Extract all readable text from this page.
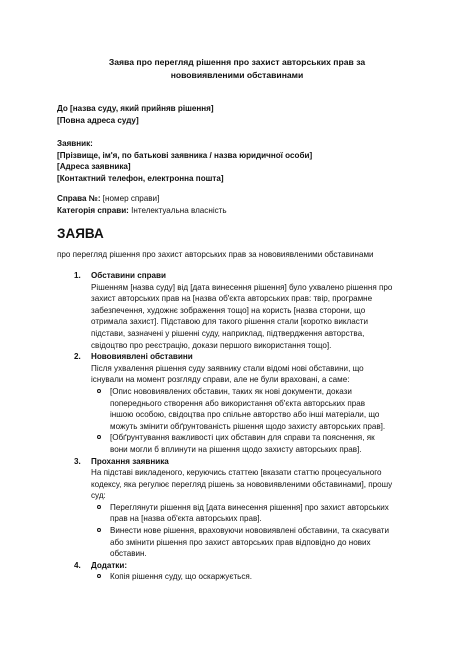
Заява про перегляд рішення про захист авторських прав за
нововиявленими обставинами
До [назва суду, який прийняв рішення]
[Повна адреса суду]
Заявник:
[Прізвище, ім'я, по батькові заявника / назва юридичної особи]
[Адреса заявника]
[Контактний телефон, електронна пошта]
Справа №: [номер справи]
Категорія справи: Інтелектуальна власність
ЗАЯВА
про перегляд рішення про захист авторських прав за нововиявленими обставинами
1. Обставини справи
Рішенням [назва суду] від [дата винесення рішення] було ухвалено рішення про
захист авторських прав на [назва об'єкта авторських прав: твір, програмне
забезпечення, художнє зображення тощо] на користь [назва сторони, що
отримала захист]. Підставою для такого рішення стали [коротко викласти
підстави, зазначені у рішенні суду, наприклад, підтвердження авторства,
свідоцтво про реєстрацію, докази першого використання тощо].
2. Нововиявлені обставини
Після ухвалення рішення суду заявнику стали відомі нові обставини, що
існували на момент розгляду справи, але не були враховані, а саме:
[Опис нововиявлених обставин, таких як нові документи, докази
попереднього створення або використання об'єкта авторських прав
іншою особою, свідоцтва про спільне авторство або інші матеріали, що
можуть змінити обґрунтованість рішення щодо захисту авторських прав].
[Обґрунтування важливості цих обставин для справи та пояснення, як
вони могли б вплинути на рішення щодо захисту авторських прав].
3. Прохання заявника
На підставі викладеного, керуючись статтею [вказати статтю процесуального
кодексу, яка регулює перегляд рішень за нововиявленими обставинами], прошу
суд:
Переглянути рішення від [дата винесення рішення] про захист авторських
прав на [назва об'єкта авторських прав].
Винести нове рішення, враховуючи нововиявлені обставини, та скасувати
або змінити рішення про захист авторських прав відповідно до нових
обставин.
4. Додатки:
Копія рішення суду, що оскаржується.
